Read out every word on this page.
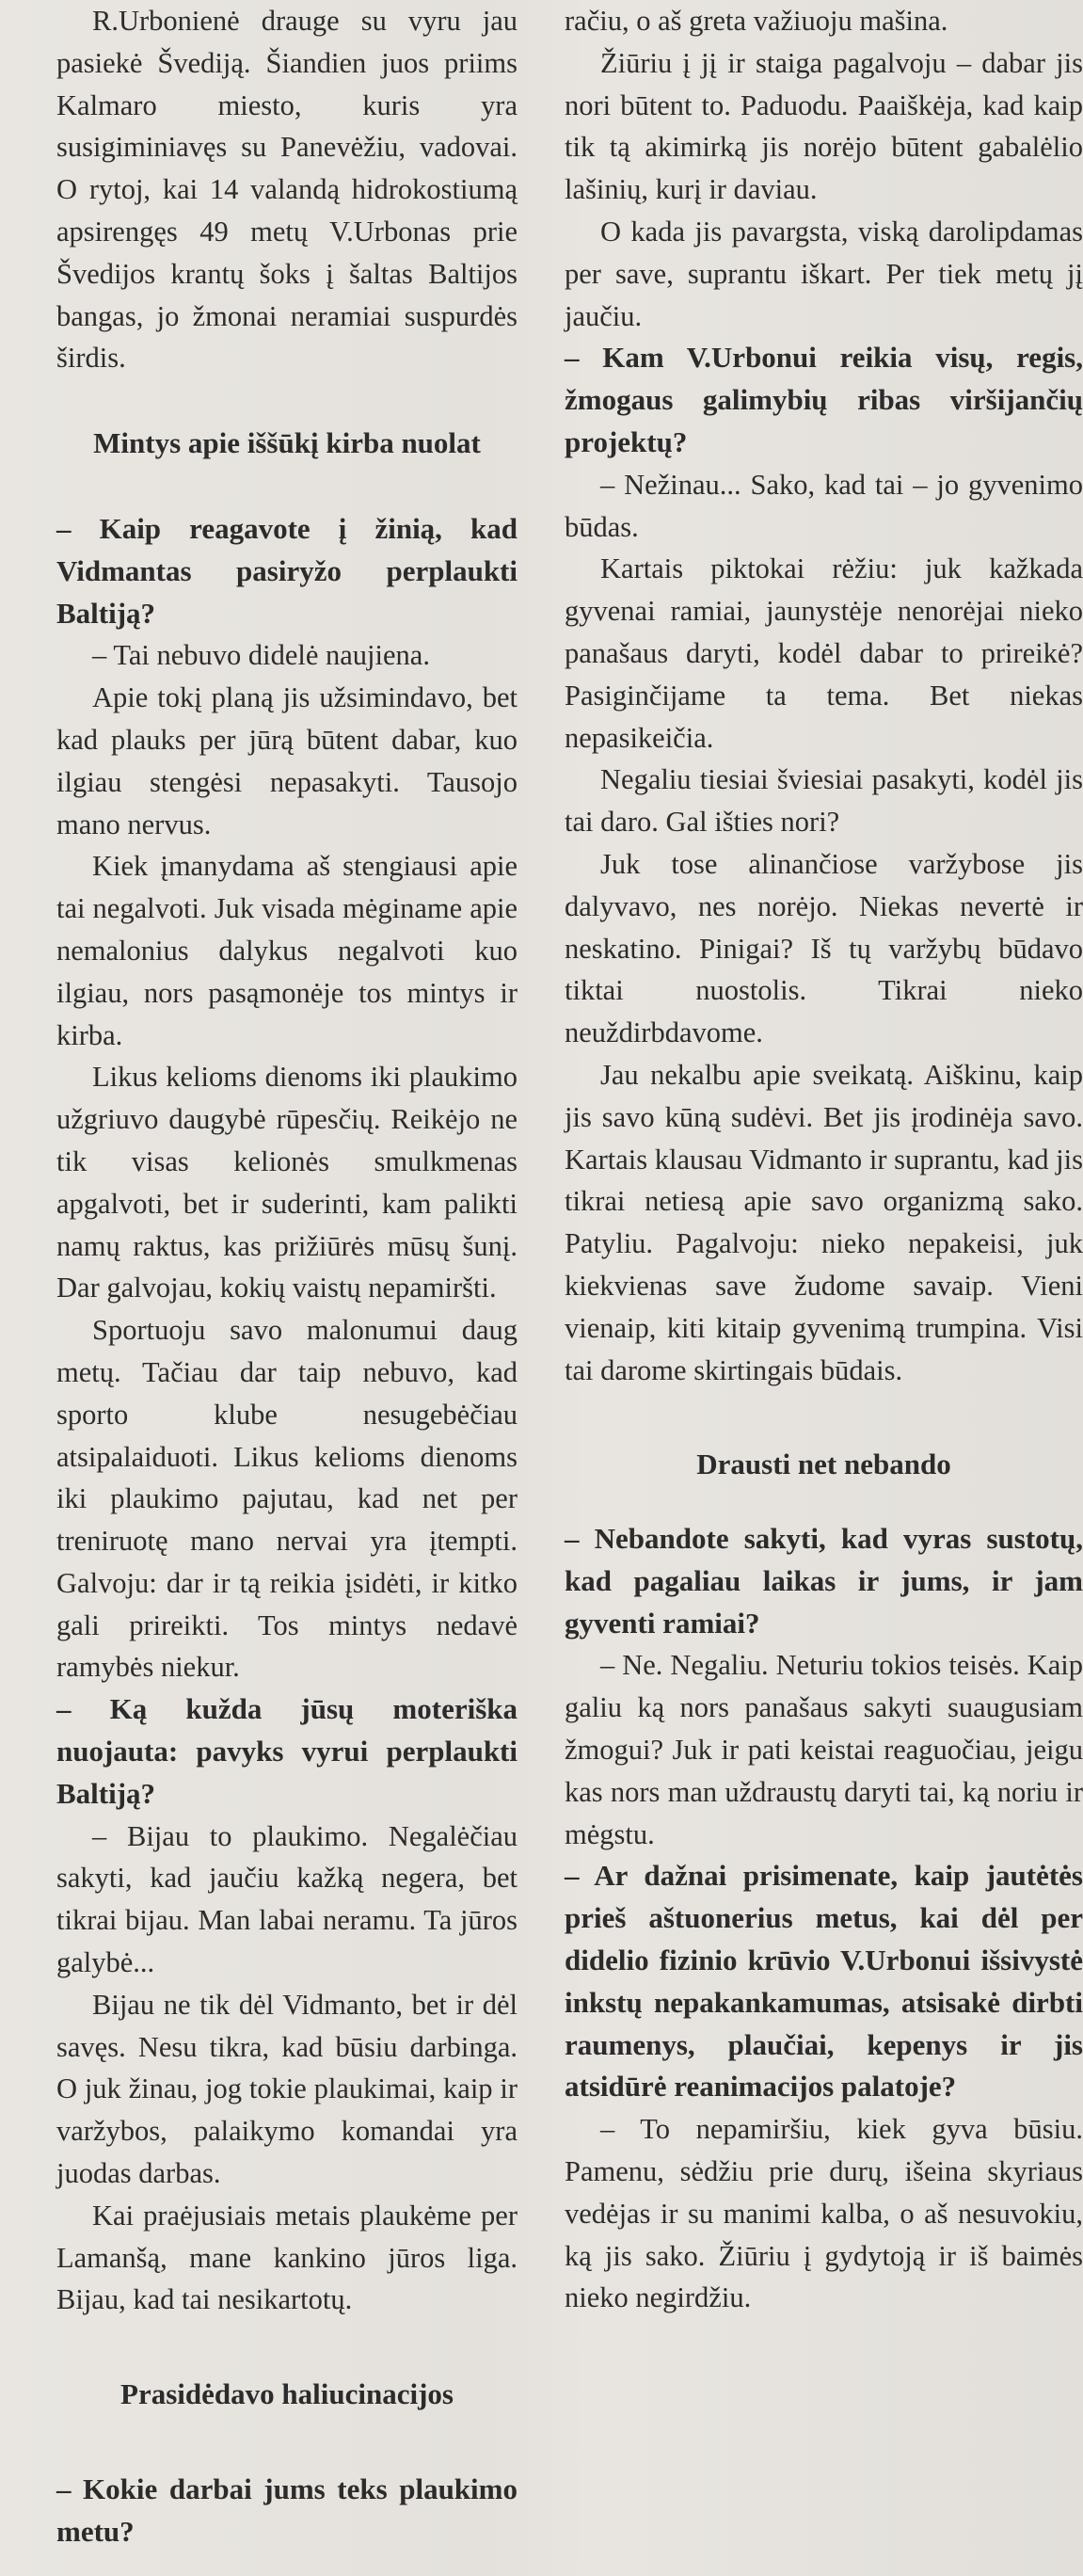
R.Urbonienė drauge su vyru jau pasiekė Švediją. Šiandien juos priims Kalmaro miesto, kuris yra susigiminiavęs su Panevėžiu, vadovai. O rytoj, kai 14 valandą hidrokostiumą apsirengęs 49 metų V.Urbonas prie Švedijos krantų šoks į šaltas Baltijos bangas, jo žmonai neramiai suspurdės širdis.

Mintys apie iššūkį kirba nuolat

– Kaip reagavote į žinią, kad Vidmantas pasiryžo perplaukti Baltiją?

– Tai nebuvo didelė naujiena.

Apie tokį planą jis užsimindavo, bet kad plauks per jūrą būtent dabar, kuo ilgiau stengėsi nepasakyti. Tausojo mano nervus.

Kiek įmanydama aš stengiausi apie tai negalvoti. Juk visada mėginame apie nemalonius dalykus negalvoti kuo ilgiau, nors pasąmonėje tos mintys ir kirba.

Likus kelioms dienoms iki plaukimo užgriuvo daugybė rūpesčių. Reikėjo ne tik visas kelionės smulkmenas apgalvoti, bet ir suderinti, kam palikti namų raktus, kas prižiūrės mūsų šunį. Dar galvojau, kokių vaistų nepamiršti.

Sportuoju savo malonumui daug metų. Tačiau dar taip nebuvo, kad sporto klube nesugebėčiau atsipalaiduoti. Likus kelioms dienoms iki plaukimo pajutau, kad net per treniruotę mano nervai yra įtempti. Galvoju: dar ir tą reikia įsidėti, ir kitko gali prireikti. Tos mintys nedavė ramybės niekur.

– Ką kužda jūsų moteriška nuojauta: pavyks vyrui perplaukti Baltiją?

– Bijau to plaukimo. Negalėčiau sakyti, kad jaučiu kažką negera, bet tikrai bijau. Man labai neramu. Ta jūros galybė...

Bijau ne tik dėl Vidmanto, bet ir dėl savęs. Nesu tikra, kad būsiu darbinga. O juk žinau, jog tokie plaukimai, kaip ir varžybos, palaikymo komandai yra juodas darbas.

Kai praėjusiais metais plaukėme per Lamanšą, mane kankino jūros liga. Bijau, kad tai nesikartotų.

Prasidėdavo haliucinacijos

– Kokie darbai jums teks plaukimo metu?

račiu, o aš greta važiuoju mašina.

Žiūriu į jį ir staiga pagalvoju – dabar jis nori būtent to. Paduodu. Paaiškėja, kad kaip tik tą akimirką jis norėjo būtent gabalėlio lašinių, kurį ir daviau.

O kada jis pavargsta, viską darolipdamas per save, suprantu iškart. Per tiek metų jį jaučiu.

– Kam V.Urbonui reikia visų, regis, žmogaus galimybių ribas viršijančių projektų?

– Nežinau... Sako, kad tai – jo gyvenimo būdas.

Kartais piktokai rėžiu: juk kažkada gyvenai ramiai, jaunystėje nenorėjai nieko panašaus daryti, kodėl dabar to prireikė? Pasiginčijame ta tema. Bet niekas nepasikeičia.

Negaliu tiesiai šviesiai pasakyti, kodėl jis tai daro. Gal išties nori?

Juk tose alinančiose varžybose jis dalyvavo, nes norėjo. Niekas nevertė ir neskatino. Pinigai? Iš tų varžybų būdavo tiktai nuostolis. Tikrai nieko neuždirbdavome.

Jau nekalbu apie sveikatą. Aiškinu, kaip jis savo kūną sudėvi. Bet jis įrodinėja savo. Kartais klausau Vidmanto ir suprantu, kad jis tikrai netiesą apie savo organizmą sako. Patyliu. Pagalvoju: nieko nepakeisi, juk kiekvienas save žudome savaip. Vieni vienaip, kiti kitaip gyvenimą trumpina. Visi tai darome skirtingais būdais.

Drausti net nebando

– Nebandote sakyti, kad vyras sustotų, kad pagaliau laikas ir jums, ir jam gyventi ramiai?

– Ne. Negaliu. Neturiu tokios teisės. Kaip galiu ką nors panašaus sakyti suaugusiam žmogui? Juk ir pati keistai reaguočiau, jeigu kas nors man uždraustų daryti tai, ką noriu ir mėgstu.

– Ar dažnai prisimenate, kaip jautėtės prieš aštuonerius metus, kai dėl per didelio fizinio krūvio V.Urbonui išsivystė inkstų nepakankamumas, atsisakė dirbti raumenys, plaučiai, kepenys ir jis atsidūrė reanimacijos palatoje?

– To nepamiršiu, kiek gyva būsiu. Pamenu, sėdžiu prie durų, išeina skyriaus vedėjas ir su manimi kalba, o aš nesuvokiu, ką jis sako. Žiūriu į gydytoją ir iš baimės nieko negirdžiu.
